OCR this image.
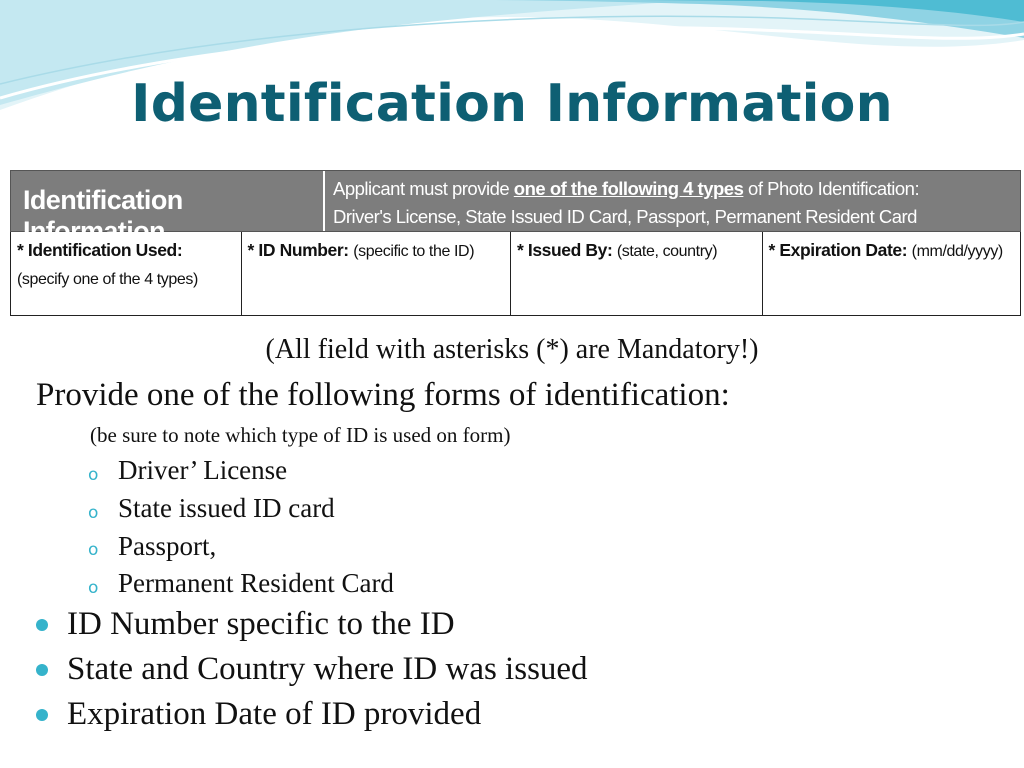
Identification Information
Identification Information
Applicant must provide one of the following 4 types of Photo Identification:
Driver's License, State Issued ID Card, Passport, Permanent Resident Card
* Identification Used:
(specify one of the 4 types)
* ID Number: (specific to the ID)	* Issued By: (state, country)	* Expiration Date: (mm/dd/yyyy)
(All field with asterisks (*) are Mandatory!)
Provide one of the following forms of identification:
(be sure to note which type of ID is used on form)
o Driver’ License
o State issued ID card
o Passport,
o Permanent Resident Card
ID Number specific to the ID
State and Country where ID was issued
Expiration Date of ID provided
